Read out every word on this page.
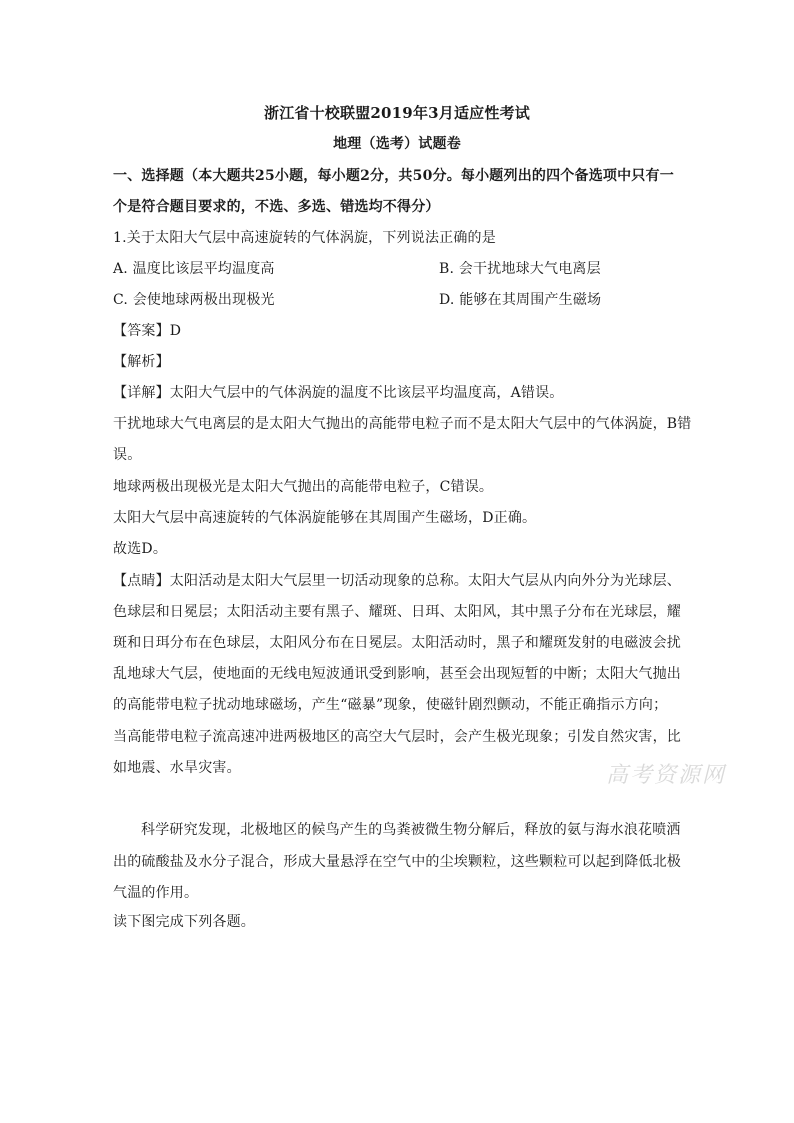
浙江省十校联盟2019年3月适应性考试
地理（选考）试题卷
一、选择题（本大题共25小题，每小题2分，共50分。每小题列出的四个备选项中只有一
个是符合题目要求的，不选、多选、错选均不得分）
1.关于太阳大气层中高速旋转的气体涡旋，下列说法正确的是
A. 温度比该层平均温度高	B. 会干扰地球大气电离层
C. 会使地球两极出现极光	D. 能够在其周围产生磁场
【答案】D
【解析】
【详解】太阳大气层中的气体涡旋的温度不比该层平均温度高，A错误。
干扰地球大气电离层的是太阳大气抛出的高能带电粒子而不是太阳大气层中的气体涡旋，B错
误。
地球两极出现极光是太阳大气抛出的高能带电粒子，C错误。
太阳大气层中高速旋转的气体涡旋能够在其周围产生磁场，D正确。
故选D。
【点睛】太阳活动是太阳大气层里一切活动现象的总称。太阳大气层从内向外分为光球层、
色球层和日冕层；太阳活动主要有黑子、耀斑、日珥、太阳风，其中黑子分布在光球层，耀
斑和日珥分布在色球层，太阳风分布在日冕层。太阳活动时，黑子和耀斑发射的电磁波会扰
乱地球大气层，使地面的无线电短波通讯受到影响，甚至会出现短暂的中断；太阳大气抛出
的高能带电粒子扰动地球磁场，产生“磁暴”现象，使磁针剧烈颤动，不能正确指示方向；
当高能带电粒子流高速冲进两极地区的高空大气层时，会产生极光现象；引发自然灾害，比
如地震、水旱灾害。	高考资源网
科学研究发现，北极地区的候鸟产生的鸟粪被微生物分解后，释放的氨与海水浪花喷洒
出的硫酸盐及水分子混合，形成大量悬浮在空气中的尘埃颗粒，这些颗粒可以起到降低北极
气温的作用。
读下图完成下列各题。
